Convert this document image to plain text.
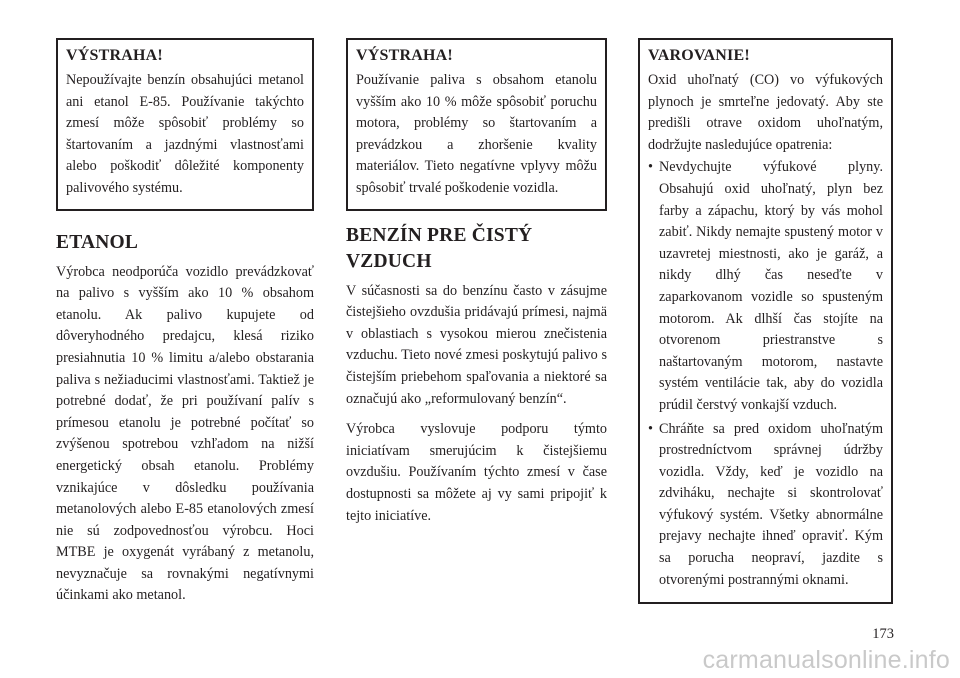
VÝSTRAHA!

Nepoužívajte benzín obsahujúci metanol ani etanol E-85. Používanie takýchto zmesí môže spôsobiť problémy so štartovaním a jazdnými vlastnosťami alebo poškodiť dôležité komponenty palivového systému.

ETANOL

Výrobca neodporúča vozidlo prevádzkovať na palivo s vyšším ako 10 % obsahom etanolu. Ak palivo kupujete od dôveryhodného predajcu, klesá riziko presiahnutia 10 % limitu a/alebo obstarania paliva s nežiaducimi vlastnosťami. Taktiež je potrebné dodať, že pri používaní palív s prímesou etanolu je potrebné počítať so zvýšenou spotrebou vzhľadom na nižší energetický obsah etanolu. Problémy vznikajúce v dôsledku používania metanolových alebo E-85 etanolových zmesí nie sú zodpovednosťou výrobcu. Hoci MTBE je oxygenát vyrábaný z metanolu, nevyznačuje sa rovnakými negatívnymi účinkami ako metanol.

VÝSTRAHA!

Používanie paliva s obsahom etanolu vyšším ako 10 % môže spôsobiť poruchu motora, problémy so štartovaním a prevádzkou a zhoršenie kvality materiálov. Tieto negatívne vplyvy môžu spôsobiť trvalé poškodenie vozidla.

BENZÍN PRE ČISTÝ VZDUCH

V súčasnosti sa do benzínu často v zásujme čistejšieho ovzdušia pridávajú prímesi, najmä v oblastiach s vysokou mierou znečistenia vzduchu. Tieto nové zmesi poskytujú palivo s čistejším priebehom spaľovania a niektoré sa označujú ako „reformulovaný benzín“.

Výrobca vyslovuje podporu týmto iniciatívam smerujúcim k čistejšiemu ovzdušiu. Používaním týchto zmesí v čase dostupnosti sa môžete aj vy sami pripojiť k tejto iniciatíve.

VAROVANIE!

Oxid uhoľnatý (CO) vo výfukových plynoch je smrteľne jedovatý. Aby ste predišli otrave oxidom uhoľnatým, dodržujte nasledujúce opatrenia:

• Nevdychujte výfukové plyny. Obsahujú oxid uhoľnatý, plyn bez farby a zápachu, ktorý by vás mohol zabiť. Nikdy nemajte spustený motor v uzavretej miestnosti, ako je garáž, a nikdy dlhý čas neseďte v zaparkovanom vozidle so spusteným motorom. Ak dlhší čas stojíte na otvorenom priestranstve s naštartovaným motorom, nastavte systém ventilácie tak, aby do vozidla prúdil čerstvý vonkajší vzduch.
• Chráňte sa pred oxidom uhoľnatým prostredníctvom správnej údržby vozidla. Vždy, keď je vozidlo na zdviháku, nechajte si skontrolovať výfukový systém. Všetky abnormálne prejavy nechajte ihneď opraviť. Kým sa porucha neopraví, jazdite s otvorenými postrannými oknami.
173
carmanualsonline.info
